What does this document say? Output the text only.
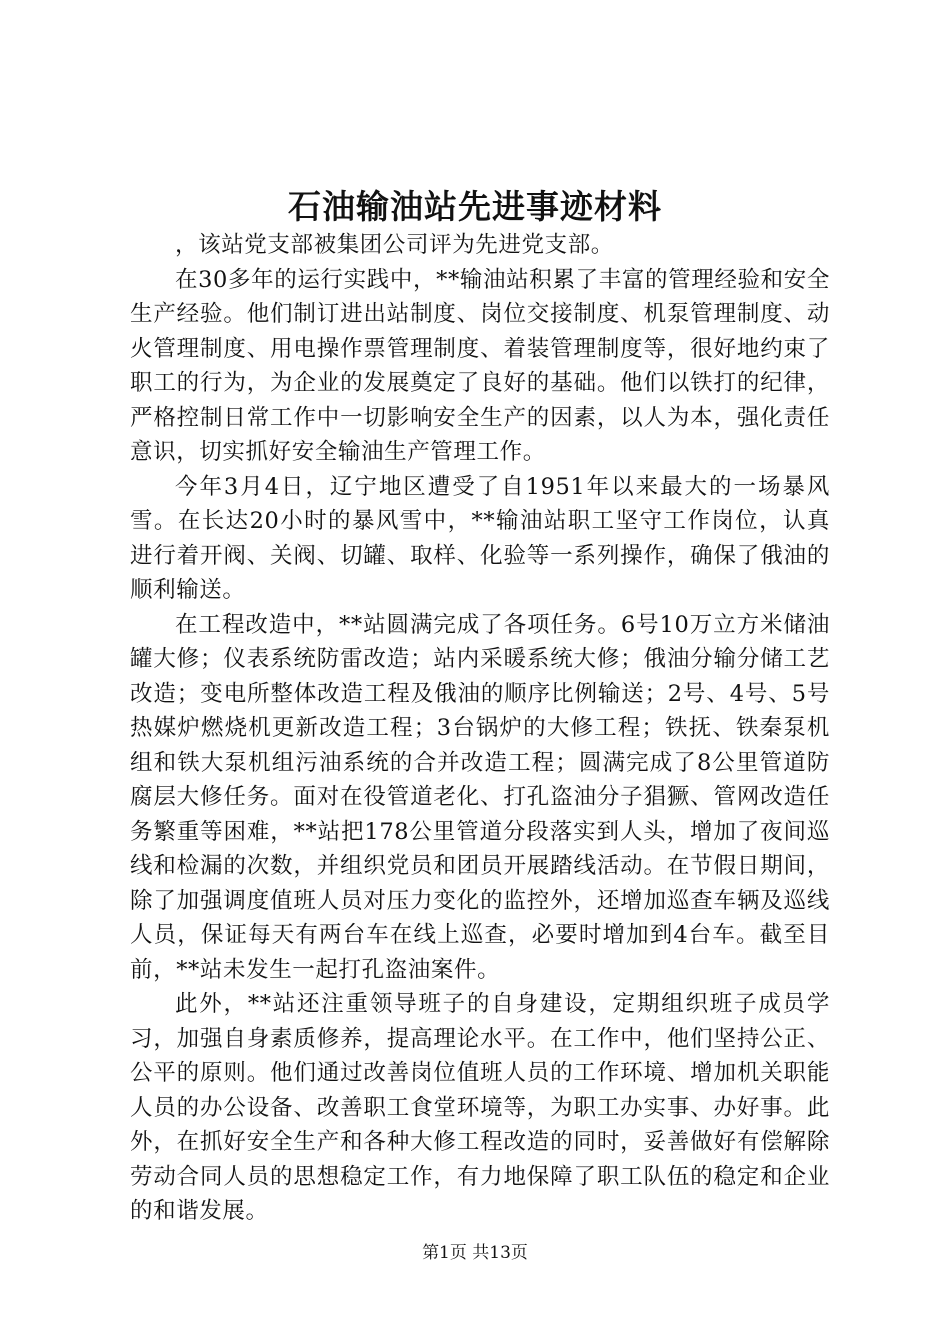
石油输油站先进事迹材料

，该站党支部被集团公司评为先进党支部。

在30多年的运行实践中，**输油站积累了丰富的管理经验和安全生产经验。他们制订进出站制度、岗位交接制度、机泵管理制度、动火管理制度、用电操作票管理制度、着装管理制度等，很好地约束了职工的行为，为企业的发展奠定了良好的基础。他们以铁打的纪律，严格控制日常工作中一切影响安全生产的因素，以人为本，强化责任意识，切实抓好安全输油生产管理工作。

今年3月4日，辽宁地区遭受了自1951年以来最大的一场暴风雪。在长达20小时的暴风雪中，**输油站职工坚守工作岗位，认真进行着开阀、关阀、切罐、取样、化验等一系列操作，确保了俄油的顺利输送。

在工程改造中，**站圆满完成了各项任务。6号10万立方米储油罐大修；仪表系统防雷改造；站内采暖系统大修；俄油分输分储工艺改造；变电所整体改造工程及俄油的顺序比例输送；2号、4号、5号热媒炉燃烧机更新改造工程；3台锅炉的大修工程；铁抚、铁秦泵机组和铁大泵机组污油系统的合并改造工程；圆满完成了8公里管道防腐层大修任务。面对在役管道老化、打孔盗油分子猖獗、管网改造任务繁重等困难，**站把178公里管道分段落实到人头，增加了夜间巡线和检漏的次数，并组织党员和团员开展踏线活动。在节假日期间，除了加强调度值班人员对压力变化的监控外，还增加巡查车辆及巡线人员，保证每天有两台车在线上巡查，必要时增加到4台车。截至目前，**站未发生一起打孔盗油案件。

此外，**站还注重领导班子的自身建设，定期组织班子成员学习，加强自身素质修养，提高理论水平。在工作中，他们坚持公正、公平的原则。他们通过改善岗位值班人员的工作环境、增加机关职能人员的办公设备、改善职工食堂环境等，为职工办实事、办好事。此外，在抓好安全生产和各种大修工程改造的同时，妥善做好有偿解除劳动合同人员的思想稳定工作，有力地保障了职工队伍的稳定和企业的和谐发展。

第1页 共13页
